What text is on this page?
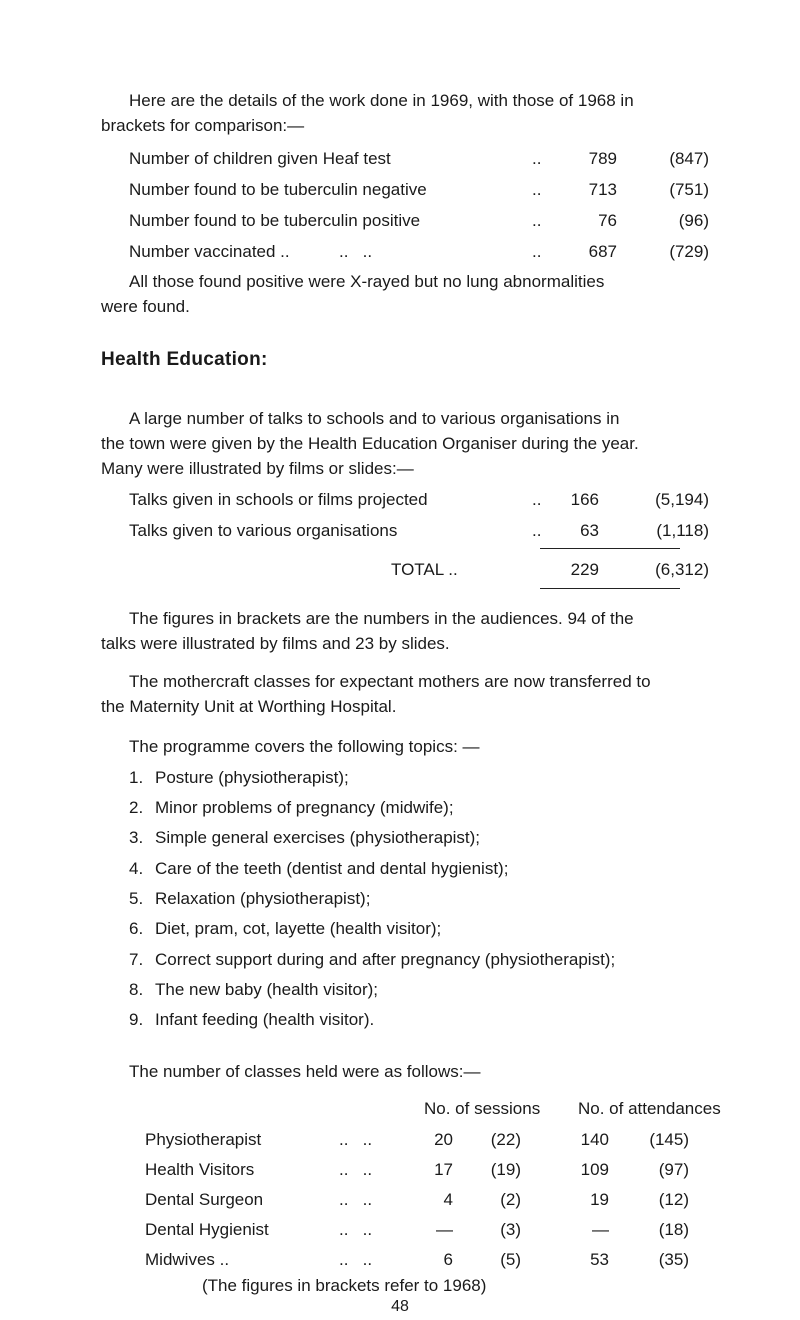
Here are the details of the work done in 1969, with those of 1968 in
brackets for comparison:—
Number of children given Heaf test	..	789	(847)
Number found to be tuberculin negative	..	713	(751)
Number found to be tuberculin positive	..	76	(96)
Number vaccinated ..	..   ..	..	687	(729)
All those found positive were X-rayed but no lung abnormalities
were found.
Health Education:
A large number of talks to schools and to various organisations in
the town were given by the Health Education Organiser during the year.
Many were illustrated by films or slides:—
Talks given in schools or films projected	..	166	(5,194)
Talks given to various organisations	..	63	(1,118)
TOTAL ..	229	(6,312)
The figures in brackets are the numbers in the audiences. 94 of the
talks were illustrated by films and 23 by slides.
The mothercraft classes for expectant mothers are now transferred to
the Maternity Unit at Worthing Hospital.
The programme covers the following topics: —
1. Posture (physiotherapist);
2. Minor problems of pregnancy (midwife);
3. Simple general exercises (physiotherapist);
4. Care of the teeth (dentist and dental hygienist);
5. Relaxation (physiotherapist);
6. Diet, pram, cot, layette (health visitor);
7. Correct support during and after pregnancy (physiotherapist);
8. The new baby (health visitor);
9. Infant feeding (health visitor).
The number of classes held were as follows:—
No. of sessions No. of attendances
Physiotherapist	..   ..	20	(22)	140	(145)
Health Visitors	..   ..	17	(19)	109	(97)
Dental Surgeon	..   ..	4	(2)	19	(12)
Dental Hygienist	..   ..	—	(3)	—	(18)
Midwives ..	..   ..	6	(5)	53	(35)
(The figures in brackets refer to 1968)
48
